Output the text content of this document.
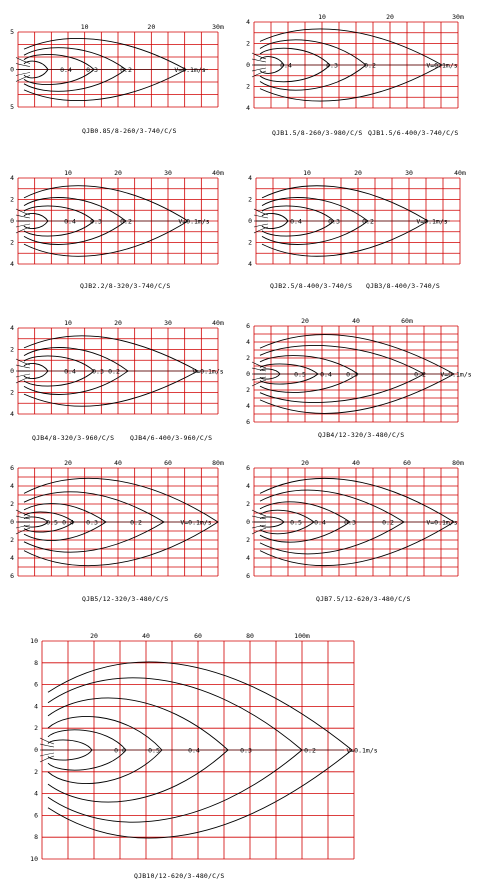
10	20	30m
5
0
5
V=0.1m/s
0.2
0.3
0.4
QJB0.85/8-260/3-740/C/S
10	20	30m
4
2
0
2
4
V=0.1m/s
0.2
0.3
0.4
QJB1.5/8-260/3-980/C/S QJB1.5/6-400/3-740/C/S
10	20	30	40m
4
2
0
2
4
V=0.1m/s
0.2
0.3
0.4
QJB2.2/8-320/3-740/C/S
10	20	30	40m
4
2
0
2
4
V=0.1m/s
0.2
0.3
0.4
QJB2.5/8-400/3-740/S QJB3/8-400/3-740/S
10	20	30	40m
4
2
0
2
4
V=0.1m/s
0.2
0.3
0.4
QJB4/8-320/3-960/C/S QJB4/6-400/3-960/C/S
20	40	60m
6
4
2
0
2
4
6
V=0.1m/s
0.2
0.3
0.4
0.5
QJB4/12-320/3-480/C/S
20	40	60	80m
6
4
2
0
2
4
6
V=0.1m/s
0.2
0.3
0.4
0.5
QJB5/12-320/3-480/C/S
20	40	60	80m
6
4
2
0
2
4
6
V=0.1m/s
0.2
0.3
0.4
0.5
QJB7.5/12-620/3-480/C/S
20	40	60	80	100m
10
8
6
4
2
0
2
4
6
8
10
V=0.1m/s
0.2
0.3
0.4
0.5
0.6
QJB10/12-620/3-480/C/S
